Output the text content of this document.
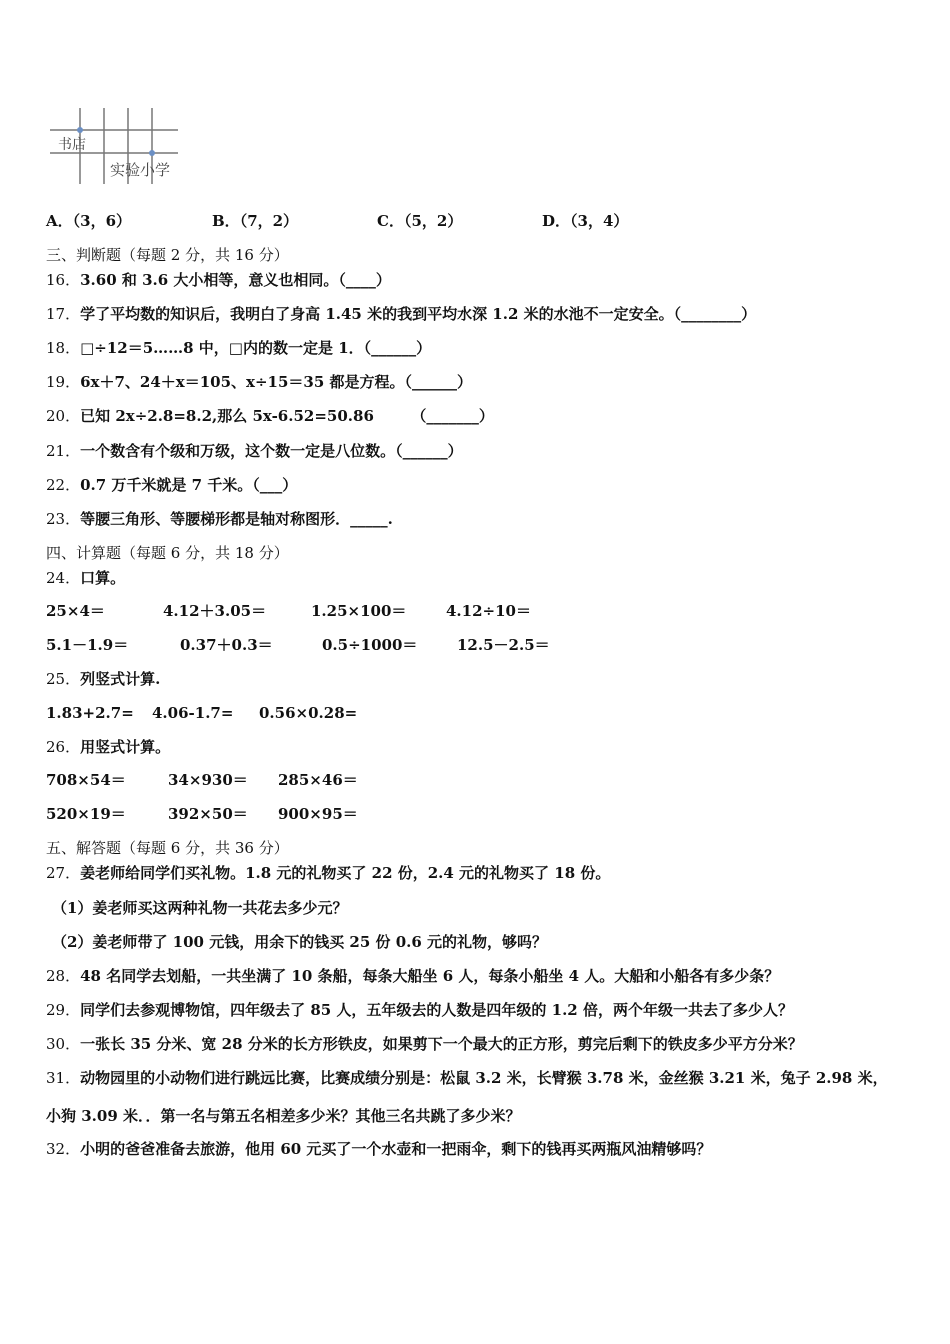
书店
实验小学
A．（3，6）	B．（7，2）	C．（5，2）	D．（3，4）
三、判断题（每题 2 分，共 16 分）
16．3.60 和 3.6 大小相等，意义也相同。（____）
17．学了平均数的知识后，我明白了身高 1.45 米的我到平均水深 1.2 米的水池不一定安全。（________）
18．□÷12＝5……8 中，□内的数一定是 1．（______）
19．6x＋7、24＋x＝105、x÷15＝35 都是方程。（______）
20．已知 2x÷2.8=8.2,那么 5x-6.52=50.86　　　（_______）
21．一个数含有个级和万级，这个数一定是八位数。（______）
22．0.7 万千米就是 7 千米。（___）
23．等腰三角形、等腰梯形都是轴对称图形．_____.
四、计算题（每题 6 分，共 18 分）
24．口算。
25×4＝	4.12＋3.05＝	1.25×100＝	4.12÷10＝
5.1－1.9＝	0.37＋0.3＝	0.5÷1000＝	12.5－2.5＝
25．列竖式计算.
1.83+2.7= 4.06-1.7= 0.56×0.28=
26．用竖式计算。
708×54＝	34×930＝ 285×46＝
520×19＝	392×50＝ 900×95＝
五、解答题（每题 6 分，共 36 分）
27．姜老师给同学们买礼物。1.8 元的礼物买了 22 份，2.4 元的礼物买了 18 份。
（1）姜老师买这两种礼物一共花去多少元？
（2）姜老师带了 100 元钱，用余下的钱买 25 份 0.6 元的礼物，够吗？
28．48 名同学去划船，一共坐满了 10 条船，每条大船坐 6 人，每条小船坐 4 人。大船和小船各有多少条？
29．同学们去参观博物馆，四年级去了 85 人，五年级去的人数是四年级的 1.2 倍，两个年级一共去了多少人？
30．一张长 35 分米、宽 28 分米的长方形铁皮，如果剪下一个最大的正方形，剪完后剩下的铁皮多少平方分米？
31．动物园里的小动物们进行跳远比赛，比赛成绩分别是：松鼠 3.2 米，长臂猴 3.78 米，金丝猴 3.21 米，兔子 2.98 米，
小狗 3.09 米．．第一名与第五名相差多少米？其他三名共跳了多少米？
32．小明的爸爸准备去旅游，他用 60 元买了一个水壶和一把雨伞，剩下的钱再买两瓶风油精够吗？
